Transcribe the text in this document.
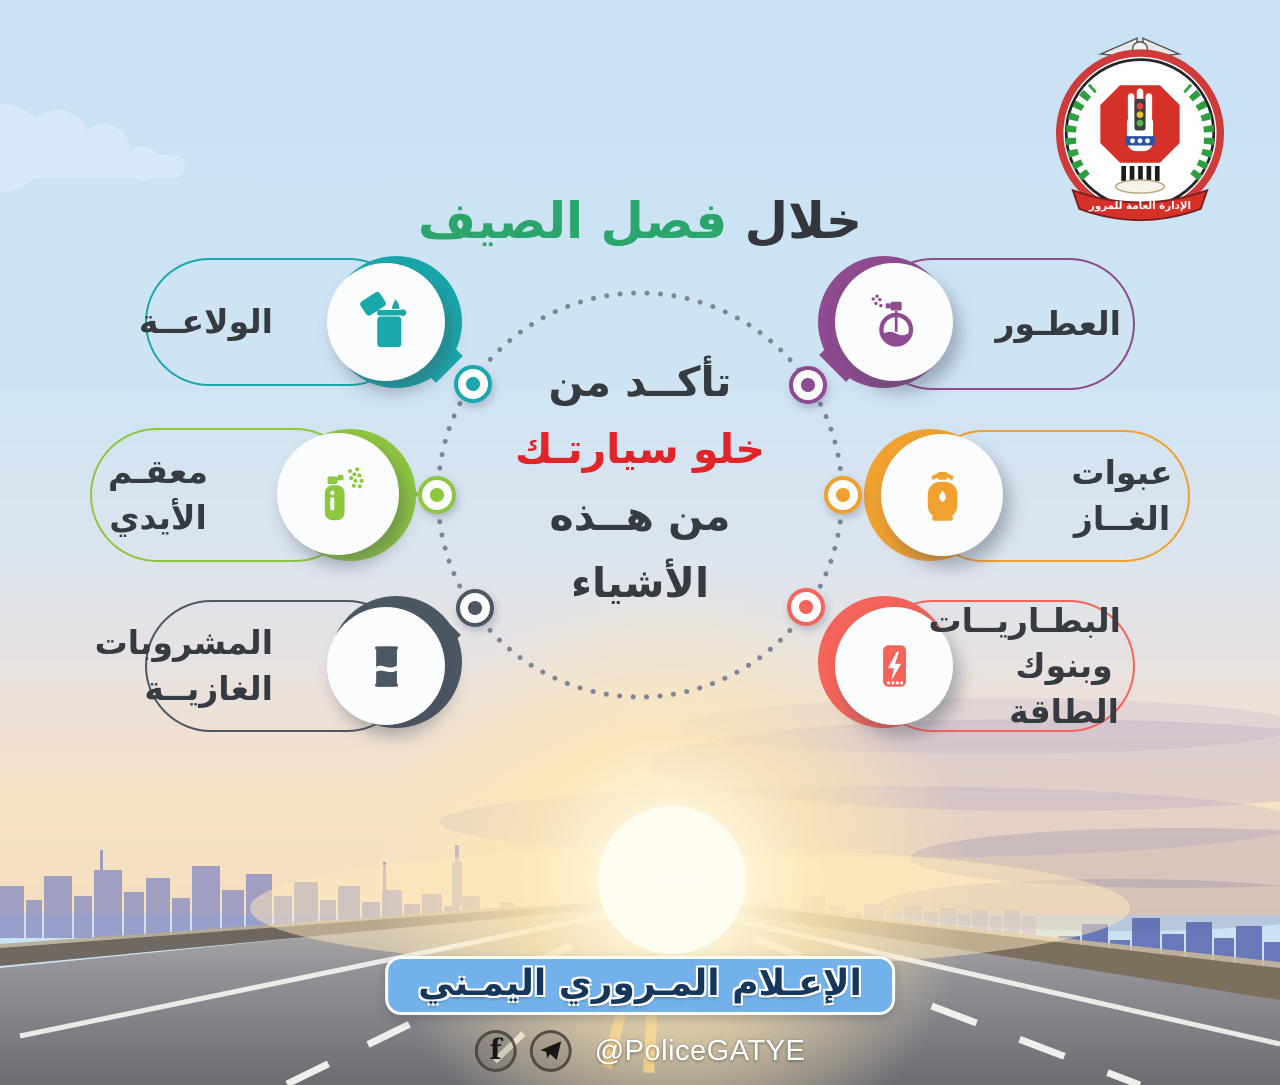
الإدارة العامة للمرور
خلال فصل الصيف
تأكــد من
خلو سيارتـك
من هــذه
الأشياء
الولاعــة
معقـم
الأيدي
المشروبات
الغازيــة
العطـور
عبوات
الغــاز
البطـاريــات
وبنوك الطاقة
الإعـلام المـروري اليمـني
f	@PoliceGATYE
